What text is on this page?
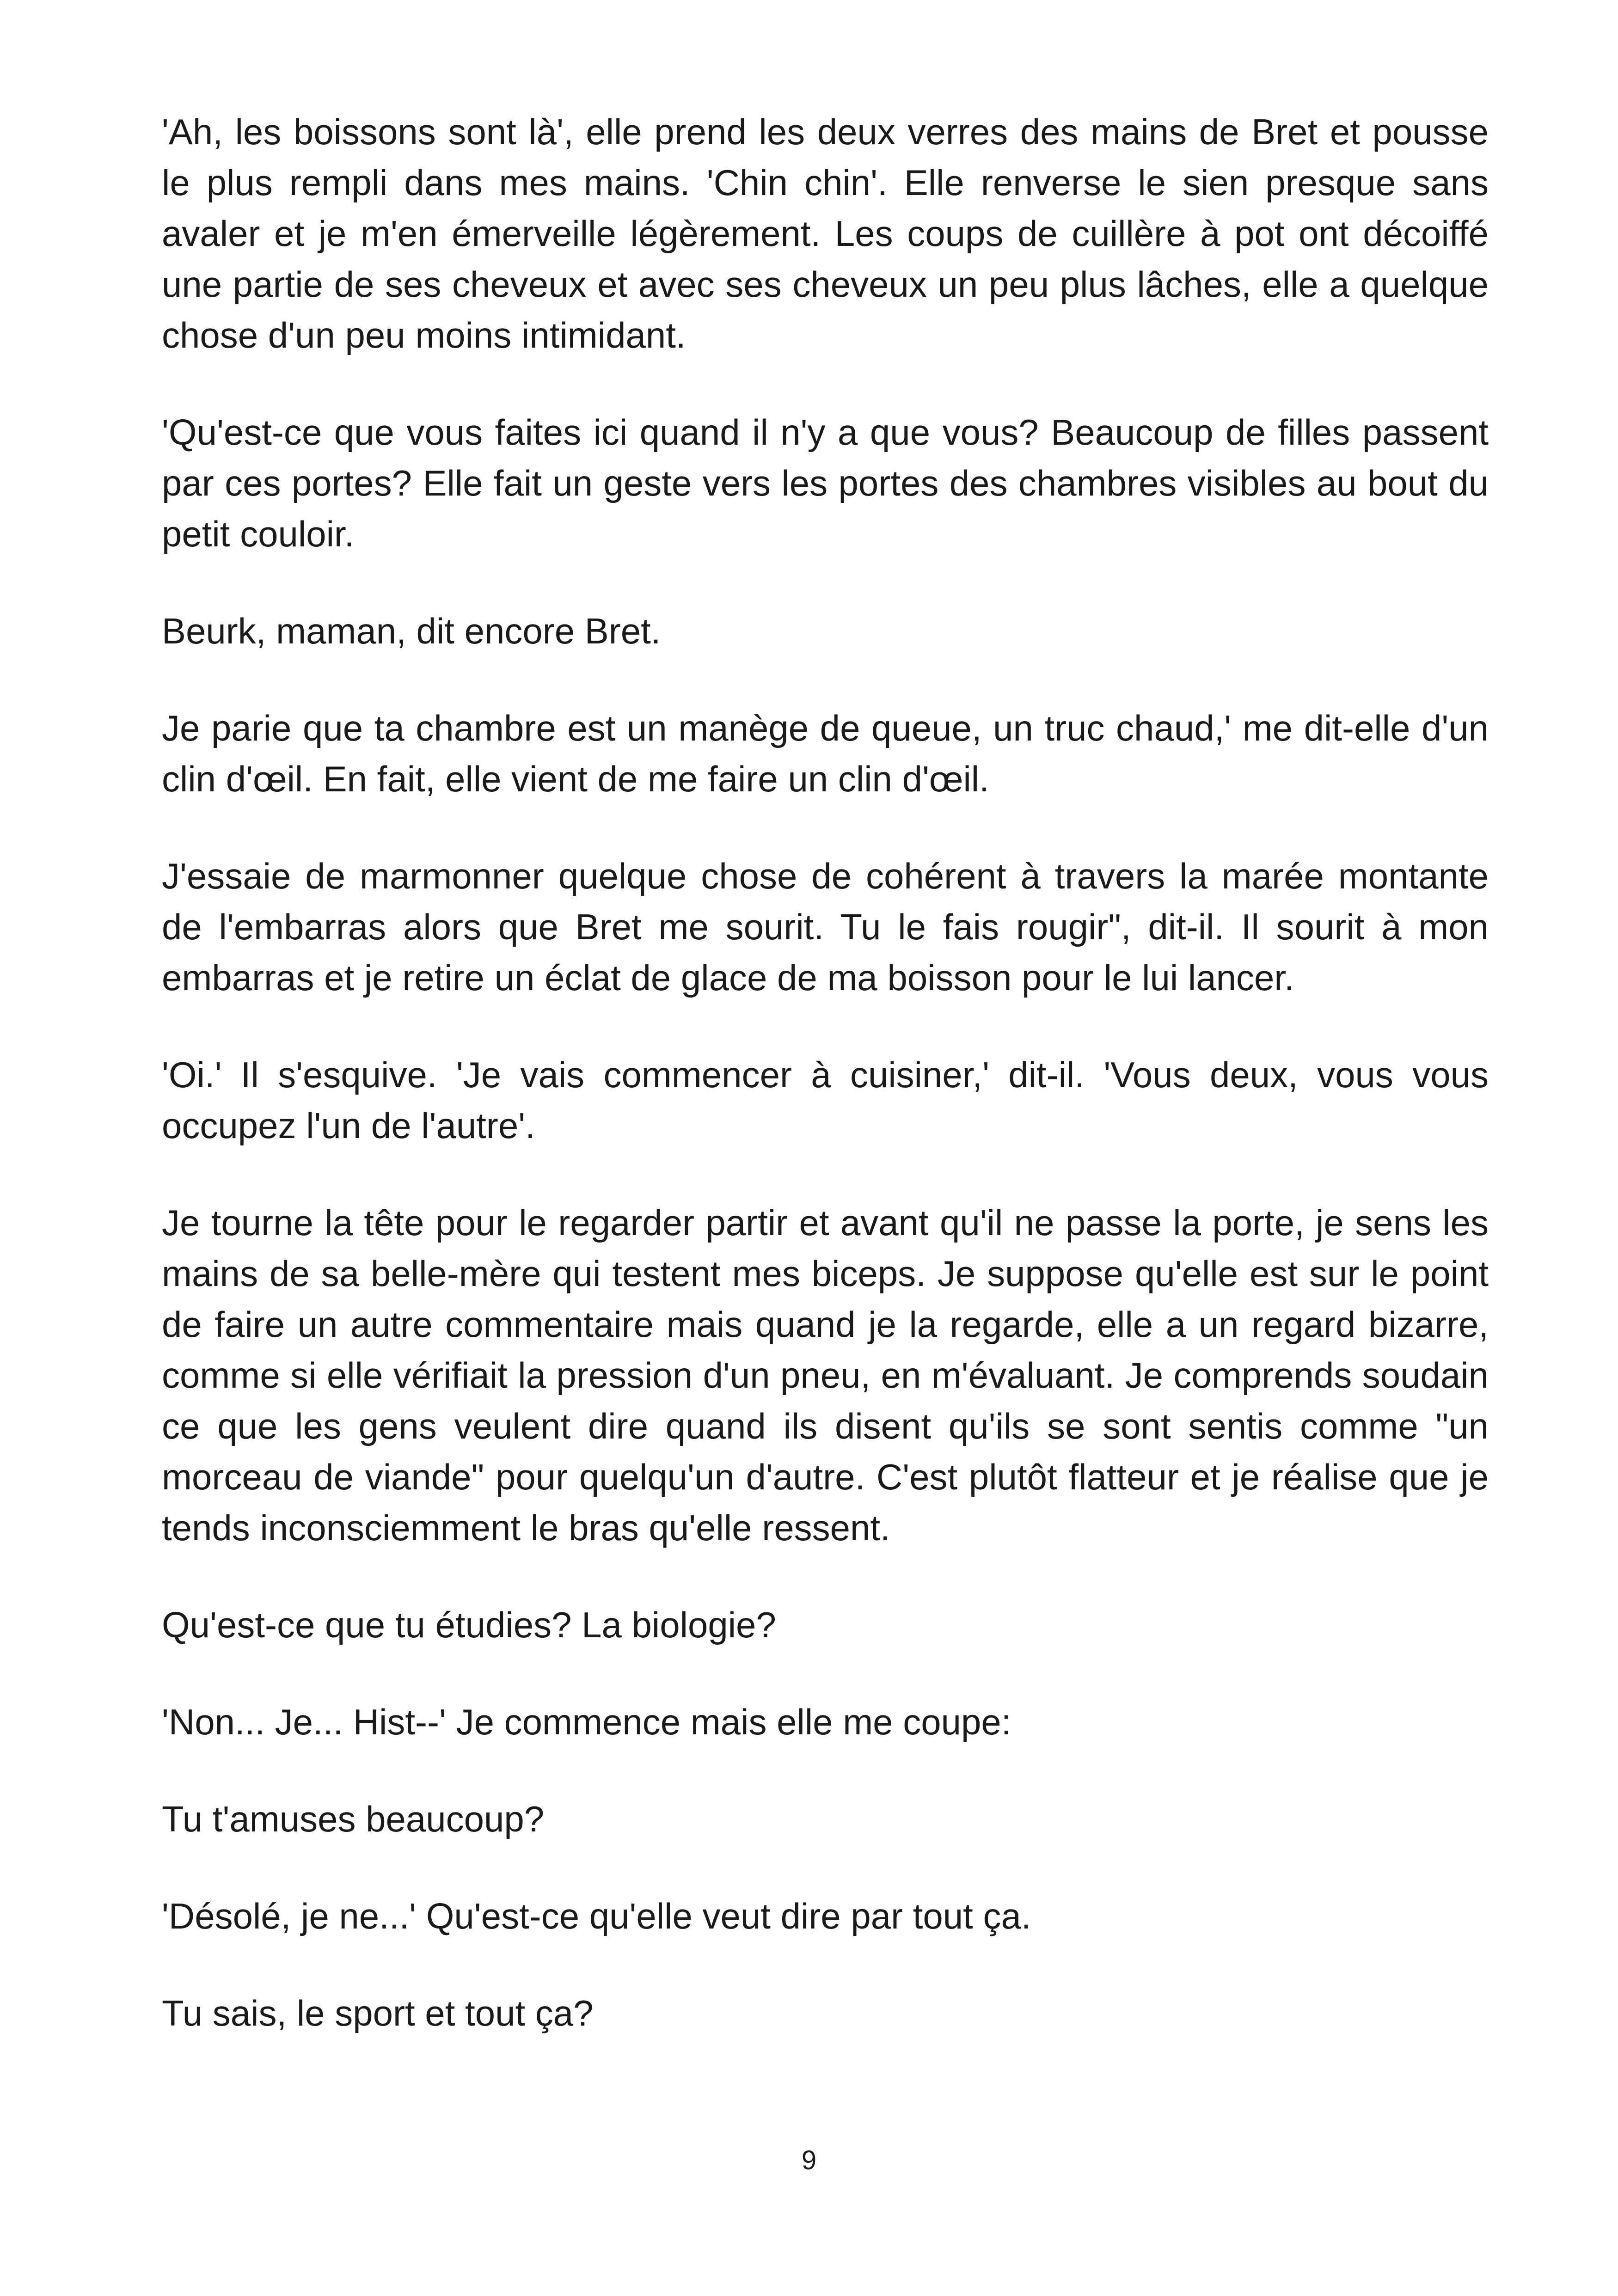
'Ah, les boissons sont là', elle prend les deux verres des mains de Bret et pousse le plus rempli dans mes mains. 'Chin chin'. Elle renverse le sien presque sans avaler et je m'en émerveille légèrement. Les coups de cuillère à pot ont décoiffé une partie de ses cheveux et avec ses cheveux un peu plus lâches, elle a quelque chose d'un peu moins intimidant.

'Qu'est-ce que vous faites ici quand il n'y a que vous? Beaucoup de filles passent par ces portes? Elle fait un geste vers les portes des chambres visibles au bout du petit couloir.

Beurk, maman, dit encore Bret.

Je parie que ta chambre est un manège de queue, un truc chaud,' me dit-elle d'un clin d'œil. En fait, elle vient de me faire un clin d'œil.

J'essaie de marmonner quelque chose de cohérent à travers la marée montante de l'embarras alors que Bret me sourit. Tu le fais rougir", dit-il. Il sourit à mon embarras et je retire un éclat de glace de ma boisson pour le lui lancer.

'Oi.' Il s'esquive. 'Je vais commencer à cuisiner,' dit-il. 'Vous deux, vous vous occupez l'un de l'autre'.

Je tourne la tête pour le regarder partir et avant qu'il ne passe la porte, je sens les mains de sa belle-mère qui testent mes biceps. Je suppose qu'elle est sur le point de faire un autre commentaire mais quand je la regarde, elle a un regard bizarre, comme si elle vérifiait la pression d'un pneu, en m'évaluant. Je comprends soudain ce que les gens veulent dire quand ils disent qu'ils se sont sentis comme "un morceau de viande" pour quelqu'un d'autre. C'est plutôt flatteur et je réalise que je tends inconsciemment le bras qu'elle ressent.

Qu'est-ce que tu étudies? La biologie?

'Non... Je... Hist--' Je commence mais elle me coupe:

Tu t'amuses beaucoup?

'Désolé, je ne...' Qu'est-ce qu'elle veut dire par tout ça.

Tu sais, le sport et tout ça?

9
